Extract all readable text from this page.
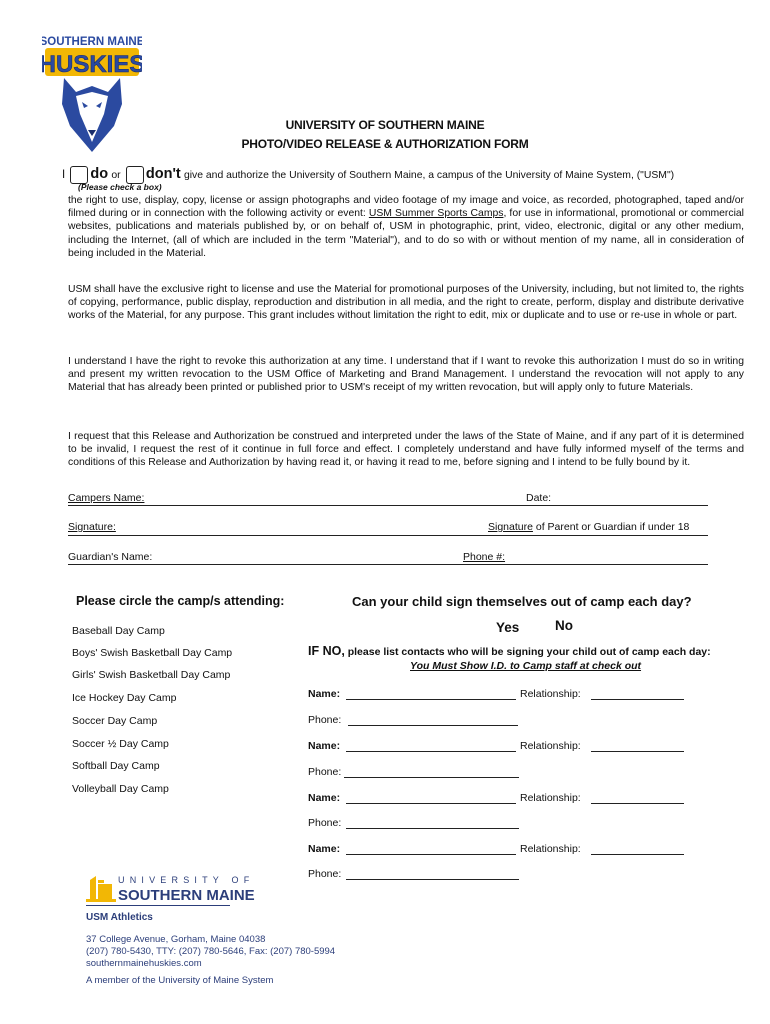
SOUTHERN MAINE
HUSKIES
UNIVERSITY OF SOUTHERN MAINE
PHOTO/VIDEO RELEASE & AUTHORIZATION FORM
I do or don't give and authorize the University of Southern Maine, a campus of the University of Maine System, ("USM")
(Please check a box)
the right to use, display, copy, license or assign photographs and video footage of my image and voice, as recorded, photographed, taped and/or filmed during or in connection with the following activity or event: USM Summer Sports Camps, for use in informational, promotional or commercial websites, publications and materials published by, or on behalf of, USM in photographic, print, video, electronic, digital or any other medium, including the Internet, (all of which are included in the term "Material"), and to do so with or without mention of my name, all in consideration of being included in the Material.
USM shall have the exclusive right to license and use the Material for promotional purposes of the University, including, but not limited to, the rights of copying, performance, public display, reproduction and distribution in all media, and the right to create, perform, display and distribute derivative works of the Material, for any purpose. This grant includes without limitation the right to edit, mix or duplicate and to use or re-use in whole or part.
I understand I have the right to revoke this authorization at any time. I understand that if I want to revoke this authorization I must do so in writing and present my written revocation to the USM Office of Marketing and Brand Management. I understand the revocation will not apply to any Material that has already been printed or published prior to USM's receipt of my written revocation, but will apply only to future Materials.
I request that this Release and Authorization be construed and interpreted under the laws of the State of Maine, and if any part of it is determined to be invalid, I request the rest of it continue in full force and effect. I completely understand and have fully informed myself of the terms and conditions of this Release and Authorization by having read it, or having it read to me, before signing and I intend to be fully bound by it.
Campers Name:	Date:
Signature:	Signature of Parent or Guardian if under 18
Guardian's Name:	Phone #:
Please circle the camp/s attending:
Baseball Day Camp
Boys' Swish Basketball Day Camp
Girls' Swish Basketball Day Camp
Ice Hockey Day Camp
Soccer Day Camp
Soccer ½ Day Camp
Softball Day Camp
Volleyball Day Camp
Can your child sign themselves out of camp each day?
Yes	No
IF NO, please list contacts who will be signing your child out of camp each day:
You Must Show I.D. to Camp staff at check out
Name:	Relationship:
Phone:
Name:	Relationship:
Phone:
Name:	Relationship:
Phone:
Name:	Relationship:
Phone:
UNIVERSITY OF
SOUTHERN MAINE
USM Athletics
37 College Avenue, Gorham, Maine 04038
(207) 780-5430, TTY: (207) 780-5646, Fax: (207) 780-5994
southernmainehuskies.com
A member of the University of Maine System
